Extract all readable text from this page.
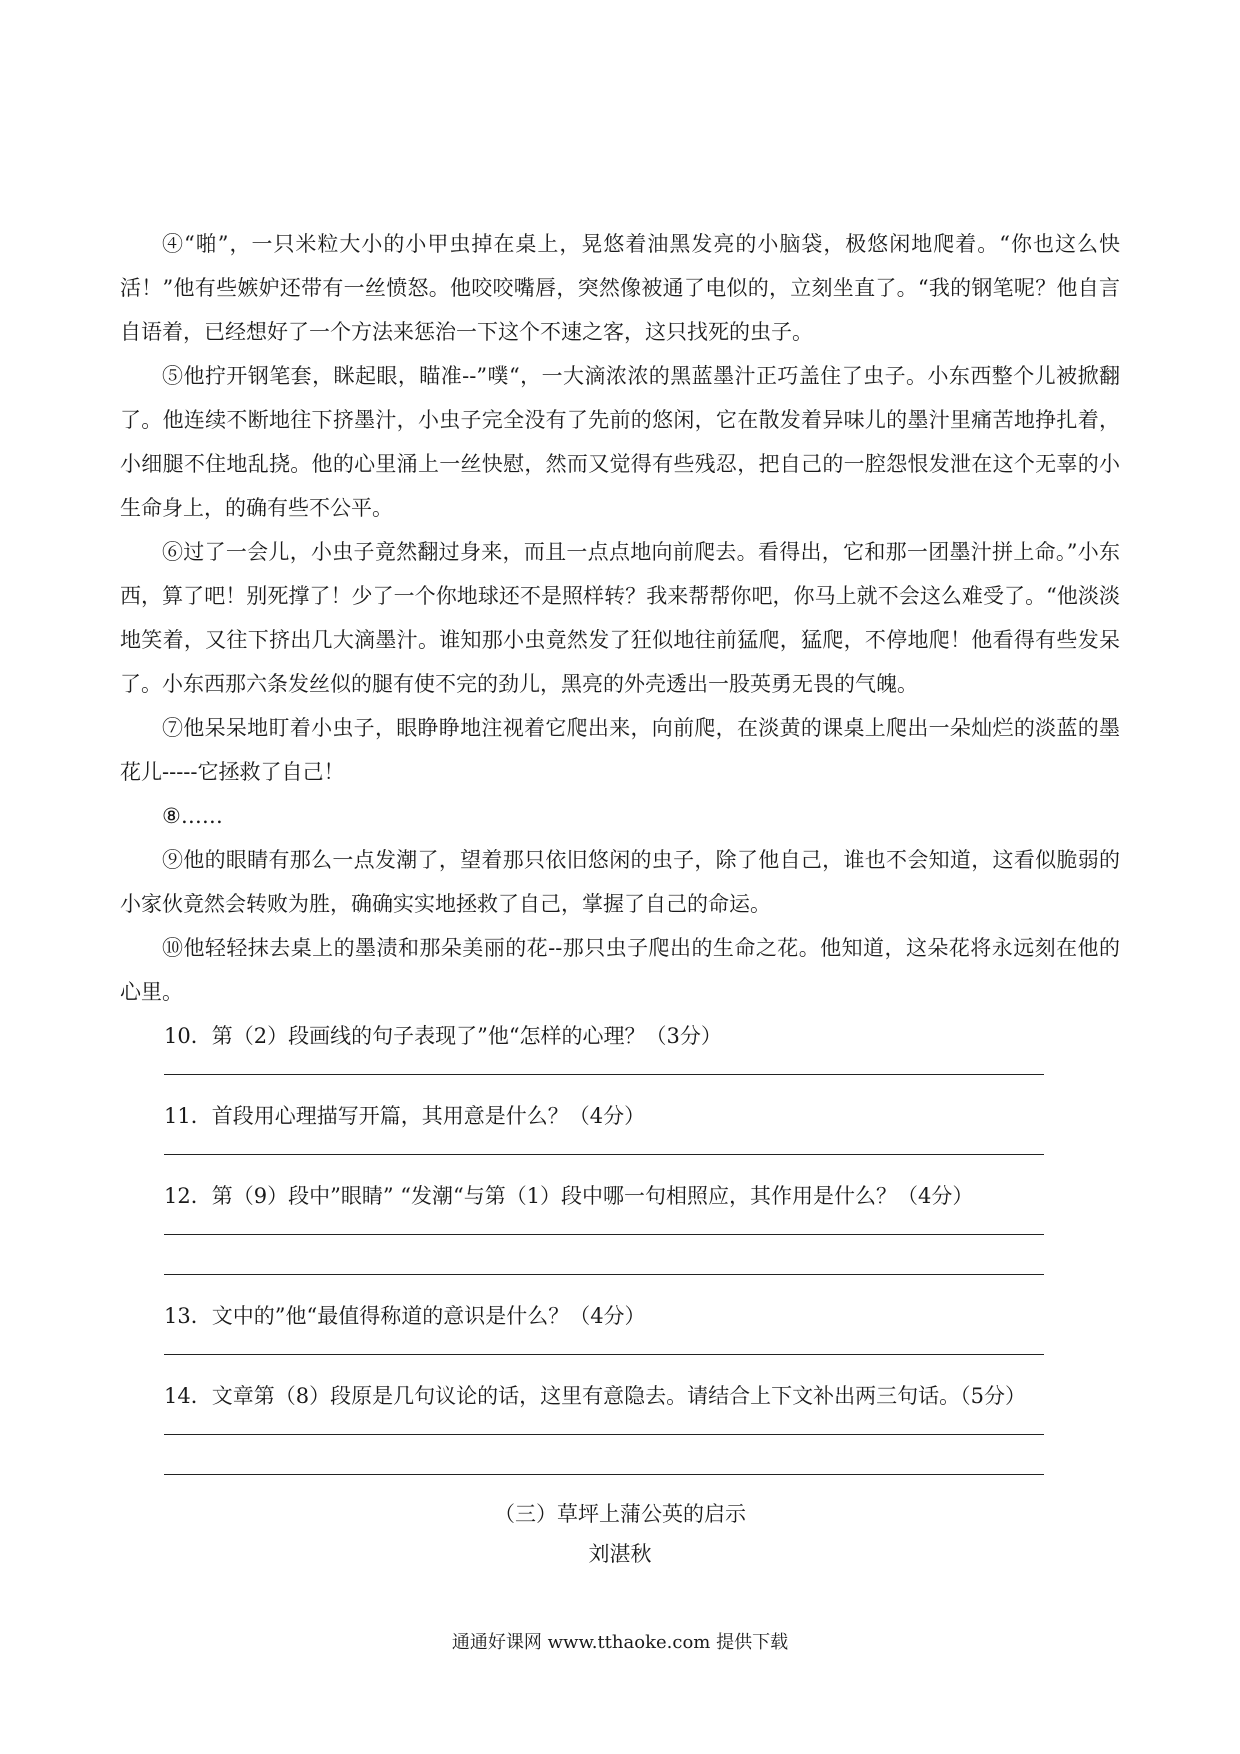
④“啪”，一只米粒大小的小甲虫掉在桌上，晃悠着油黑发亮的小脑袋，极悠闲地爬着。“你也这么快活！”他有些嫉妒还带有一丝愤怒。他咬咬嘴唇，突然像被通了电似的，立刻坐直了。“我的钢笔呢？他自言自语着，已经想好了一个方法来惩治一下这个不速之客，这只找死的虫子。

⑤他拧开钢笔套，眯起眼，瞄准--”噗“，一大滴浓浓的黑蓝墨汁正巧盖住了虫子。小东西整个儿被掀翻了。他连续不断地往下挤墨汁，小虫子完全没有了先前的悠闲，它在散发着异味儿的墨汁里痛苦地挣扎着，小细腿不住地乱挠。他的心里涌上一丝快慰，然而又觉得有些残忍，把自己的一腔怨恨发泄在这个无辜的小生命身上，的确有些不公平。

⑥过了一会儿，小虫子竟然翻过身来，而且一点点地向前爬去。看得出，它和那一团墨汁拼上命。”小东西，算了吧！别死撑了！少了一个你地球还不是照样转？我来帮帮你吧，你马上就不会这么难受了。“他淡淡地笑着，又往下挤出几大滴墨汁。谁知那小虫竟然发了狂似地往前猛爬，猛爬，不停地爬！他看得有些发呆了。小东西那六条发丝似的腿有使不完的劲儿，黑亮的外壳透出一股英勇无畏的气魄。

⑦他呆呆地盯着小虫子，眼睁睁地注视着它爬出来，向前爬，在淡黄的课桌上爬出一朵灿烂的淡蓝的墨花儿-----它拯救了自己！

⑧……

⑨他的眼睛有那么一点发潮了，望着那只依旧悠闲的虫子，除了他自己，谁也不会知道，这看似脆弱的小家伙竟然会转败为胜，确确实实地拯救了自己，掌握了自己的命运。

⑩他轻轻抹去桌上的墨渍和那朵美丽的花--那只虫子爬出的生命之花。他知道，这朵花将永远刻在他的心里。

10．第（2）段画线的句子表现了”他“怎样的心理？（3分）

11．首段用心理描写开篇，其用意是什么？（4分）

12．第（9）段中”眼睛” “发潮“与第（1）段中哪一句相照应，其作用是什么？（4分）

13．文中的”他“最值得称道的意识是什么？（4分）

14．文章第（8）段原是几句议论的话，这里有意隐去。请结合上下文补出两三句话。（5分）

（三）草坪上蒲公英的启示

刘湛秋

通通好课网 www.tthaoke.com 提供下载
